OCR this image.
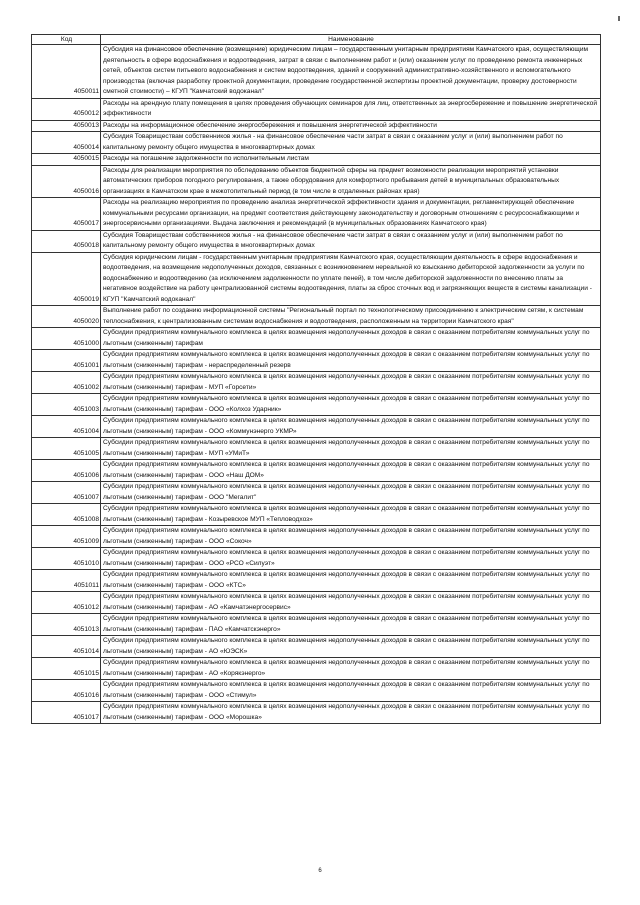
Код	Наименование
4050011	Субсидия на финансовое обеспечение (возмещение) юридическим лицам – государственным унитарным предприятиям Камчатского края, осуществляющим деятельность в сфере водоснабжения и водоотведения, затрат в связи с выполнением работ и (или) оказанием услуг по проведению ремонта инженерных сетей, объектов систем питьевого водоснабжения и систем водоотведения, зданий и сооружений административно-хозяйственного и вспомогательного производства (включая разработку проектной документации, проведение государственной экспертизы проектной документации, проверку достоверности сметной стоимости) – КГУП "Камчатский водоканал"
4050012	Расходы на арендную плату помещения в целях проведения обучающих семинаров для лиц, ответственных за энергосбережение и повышение энергетической эффективности
4050013	Расходы на информационное обеспечение энергосбережения и повышения энергетической эффективности
4050014	Субсидия Товариществам собственников жилья - на финансовое обеспечение части затрат в связи с оказанием услуг и (или) выполнением работ по капитальному ремонту общего имущества в многоквартирных домах
4050015	Расходы на погашение задолженности по исполнительным листам
4050016	Расходы для реализации мероприятия по обследованию объектов бюджетной сферы на предмет возможности реализации мероприятий установки автоматических приборов погодного регулирования, а также оборудования для комфортного пребывания детей в муниципальных образовательных организациях в Камчатском крае в межотопительный период (в том числе в отдаленных районах края)
4050017	Расходы на реализацию мероприятия по проведению анализа энергетической эффективности здания и документации, регламентирующей обеспечение коммунальными ресурсами организации, на предмет соответствия действующему законодательству и договорным отношениям с ресурсоснабжающими и энергосервисными организациями. Выдача заключения и рекомендаций (в муниципальных образованиях Камчатского края)
4050018	Субсидия Товариществам собственников жилья - на финансовое обеспечение части затрат в связи с оказанием услуг и (или) выполнением работ по капитальному ремонту общего имущества в многоквартирных домах
4050019	Субсидия юридическим лицам - государственным унитарным предприятиям Камчатского края, осуществляющим деятельность в сфере водоснабжения и водоотведения, на возмещение недополученных доходов, связанных с возникновением нереальной ко взысканию дебиторской задолженности за услуги по водоснабжению и водоотведению (за исключением задолженности по уплате пеней), в том числе дебиторской задолженности по внесению платы за негативное воздействие на работу централизованной системы водоотведения, платы за сброс сточных вод и загрязняющих веществ в системы канализации - КГУП "Камчатский водоканал"
4050020	Выполнение работ по созданию информационной системы "Региональный портал по технологическому присоединению к электрическим сетям, к системам теплоснабжения, к централизованным системам водоснабжения и водоотведения, расположенным на территории Камчатского края"
4051000	Субсидии предприятиям коммунального комплекса в целях возмещения недополученных доходов в связи с оказанием потребителям коммунальных услуг по льготным (сниженным) тарифам
4051001	Субсидии предприятиям коммунального комплекса в целях возмещения недополученных доходов в связи с оказанием потребителям коммунальных услуг по льготным (сниженным) тарифам - нераспределенный резерв
4051002	Субсидии предприятиям коммунального комплекса в целях возмещения недополученных доходов в связи с оказанием потребителям коммунальных услуг по льготным (сниженным) тарифам - МУП «Горсети»
4051003	Субсидии предприятиям коммунального комплекса в целях возмещения недополученных доходов в связи с оказанием потребителям коммунальных услуг по льготным (сниженным) тарифам - ООО «Колхоз Ударник»
4051004	Субсидии предприятиям коммунального комплекса в целях возмещения недополученных доходов в связи с оказанием потребителям коммунальных услуг по льготным (сниженным) тарифам - ООО «Коммунэнерго УКМР»
4051005	Субсидии предприятиям коммунального комплекса в целях возмещения недополученных доходов в связи с оказанием потребителям коммунальных услуг по льготным (сниженным) тарифам - МУП «УМиТ»
4051006	Субсидии предприятиям коммунального комплекса в целях возмещения недополученных доходов в связи с оказанием потребителям коммунальных услуг по льготным (сниженным) тарифам - ООО «Наш ДОМ»
4051007	Субсидии предприятиям коммунального комплекса в целях возмещения недополученных доходов в связи с оказанием потребителям коммунальных услуг по льготным (сниженным) тарифам - ООО "Мегалит"
4051008	Субсидии предприятиям коммунального комплекса в целях возмещения недополученных доходов в связи с оказанием потребителям коммунальных услуг по льготным (сниженным) тарифам - Козыревское МУП «Тепловодхоз»
4051009	Субсидии предприятиям коммунального комплекса в целях возмещения недополученных доходов в связи с оказанием потребителям коммунальных услуг по льготным (сниженным) тарифам - ООО «Сокоч»
4051010	Субсидии предприятиям коммунального комплекса в целях возмещения недополученных доходов в связи с оказанием потребителям коммунальных услуг по льготным (сниженным) тарифам - ООО «РСО «Силуэт»
4051011	Субсидии предприятиям коммунального комплекса в целях возмещения недополученных доходов в связи с оказанием потребителям коммунальных услуг по льготным (сниженным) тарифам - ООО «КТС»
4051012	Субсидии предприятиям коммунального комплекса в целях возмещения недополученных доходов в связи с оказанием потребителям коммунальных услуг по льготным (сниженным) тарифам - АО «Камчатэнергосервис»
4051013	Субсидии предприятиям коммунального комплекса в целях возмещения недополученных доходов в связи с оказанием потребителям коммунальных услуг по льготным (сниженным) тарифам - ПАО «Камчатскэнерго»
4051014	Субсидии предприятиям коммунального комплекса в целях возмещения недополученных доходов в связи с оказанием потребителям коммунальных услуг по льготным (сниженным) тарифам - АО «ЮЭСК»
4051015	Субсидии предприятиям коммунального комплекса в целях возмещения недополученных доходов в связи с оказанием потребителям коммунальных услуг по льготным (сниженным) тарифам - АО «Корякэнерго»
4051016	Субсидии предприятиям коммунального комплекса в целях возмещения недополученных доходов в связи с оказанием потребителям коммунальных услуг по льготным (сниженным) тарифам - ООО «Стимул»
4051017	Субсидии предприятиям коммунального комплекса в целях возмещения недополученных доходов в связи с оказанием потребителям коммунальных услуг по льготным (сниженным) тарифам - ООО «Морошка»
6
